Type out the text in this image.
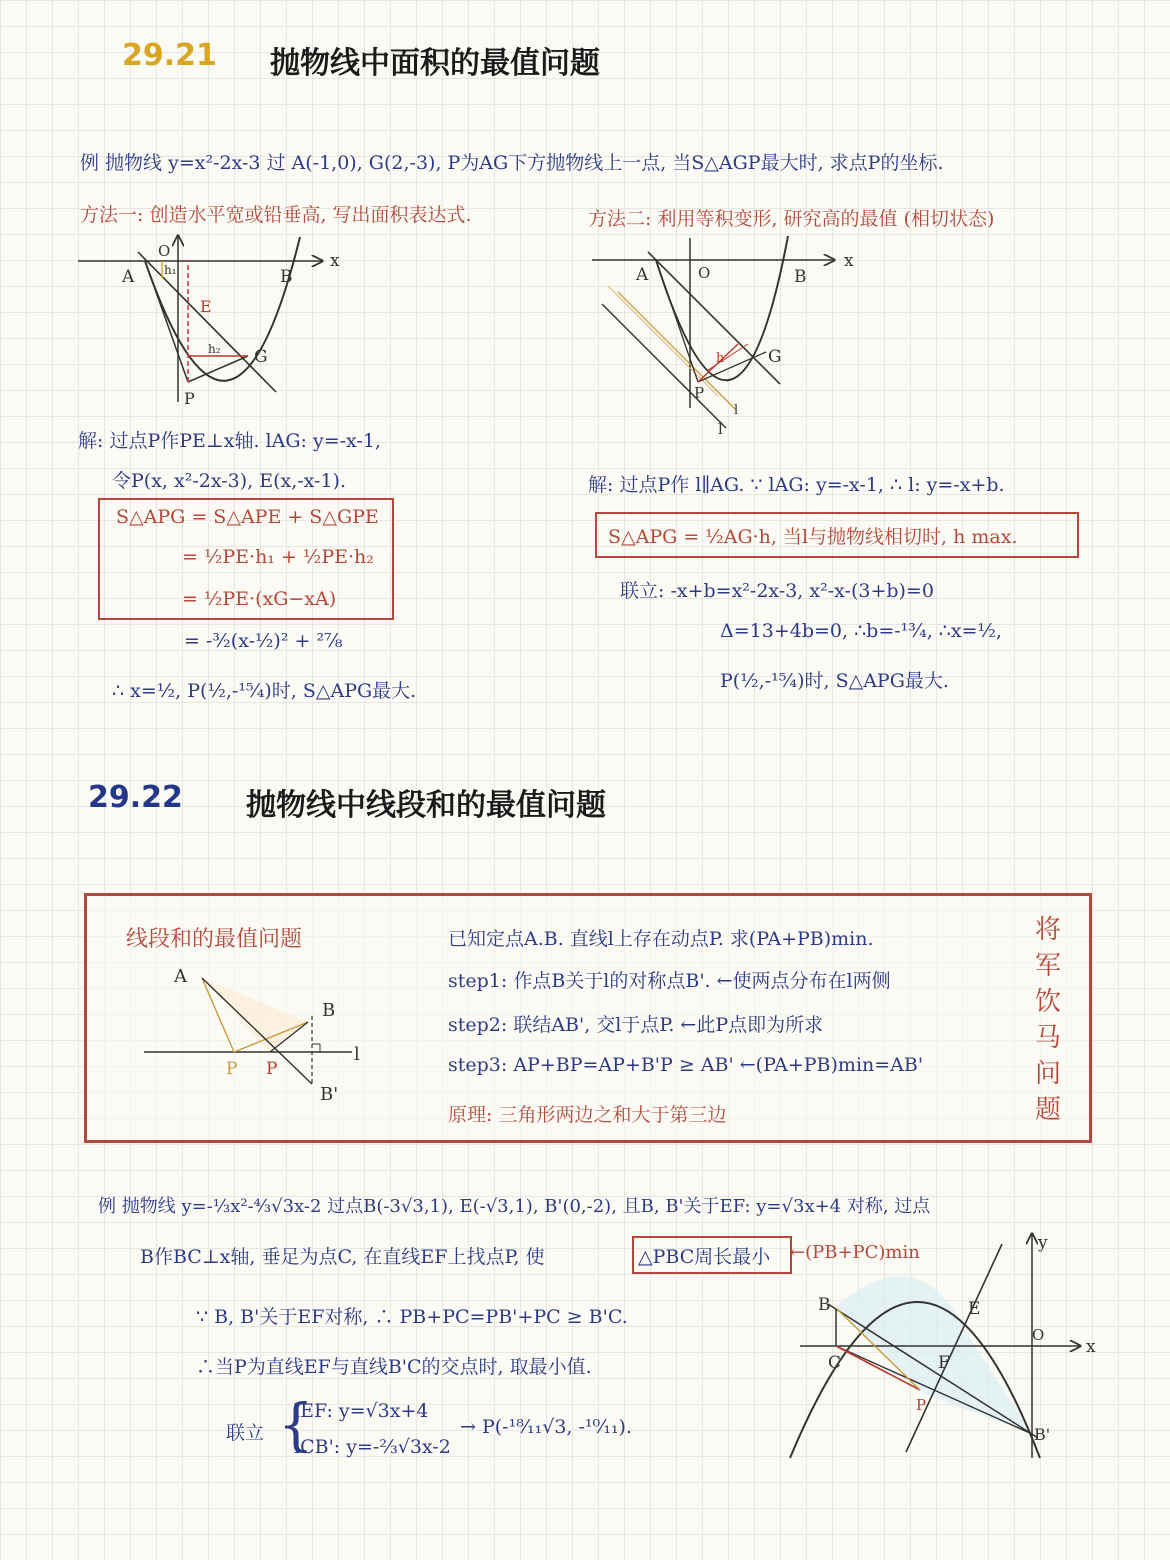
29.21 抛物线中面积的最值问题
例 抛物线 y=x²-2x-3 过 A(-1,0), G(2,-3), P为AG下方抛物线上一点, 当S△AGP最大时, 求点P的坐标.
方法一: 创造水平宽或铅垂高, 写出面积表达式.	方法二: 利用等积变形, 研究高的最值 (相切状态)
A
O	x
B
E
G
P
h₁
h₂
A	O
x
B
G
P
h
l
l
解: 过点P作PE⊥x轴. lAG: y=-x-1,
令P(x, x²-2x-3), E(x,-x-1).
S△APG = S△APE + S△GPE
= ½PE·h₁ + ½PE·h₂
= ½PE·(xG−xA)
= -³⁄₂(x-½)² + ²⁷⁄₈
∴ x=½, P(½,-¹⁵⁄₄)时, S△APG最大.
解: 过点P作 l∥AG. ∵ lAG: y=-x-1, ∴ l: y=-x+b.
S△APG = ½AG·h, 当l与抛物线相切时, h max.
联立: -x+b=x²-2x-3, x²-x-(3+b)=0
Δ=13+4b=0, ∴b=-¹³⁄₄, ∴x=½,
P(½,-¹⁵⁄₄)时, S△APG最大.
29.22 抛物线中线段和的最值问题
线段和的最值问题
A
B
l
P P
B'
已知定点A.B. 直线l上存在动点P. 求(PA+PB)min.
step1: 作点B关于l的对称点B'. ←使两点分布在l两侧
step2: 联结AB', 交l于点P. ←此P点即为所求
step3: AP+BP=AP+B'P ≥ AB' ←(PA+PB)min=AB'
原理: 三角形两边之和大于第三边
将
军
饮
马
问
题
例 抛物线 y=-⅓x²-⁴⁄₃√3x-2 过点B(-3√3,1), E(-√3,1), B'(0,-2), 且B, B'关于EF: y=√3x+4 对称, 过点
B作BC⊥x轴, 垂足为点C, 在直线EF上找点P, 使	△PBC周长最小 ←(PB+PC)min
∵ B, B'关于EF对称, ∴ PB+PC=PB'+PC ≥ B'C.
∴当P为直线EF与直线B'C的交点时, 取最小值.
联立 {
lEF: y=√3x+4
lCB': y=-⅔√3x-2
→ P(-¹⁸⁄₁₁√3, -¹⁰⁄₁₁).
B	E
O
x
y
C	F
P
B'
